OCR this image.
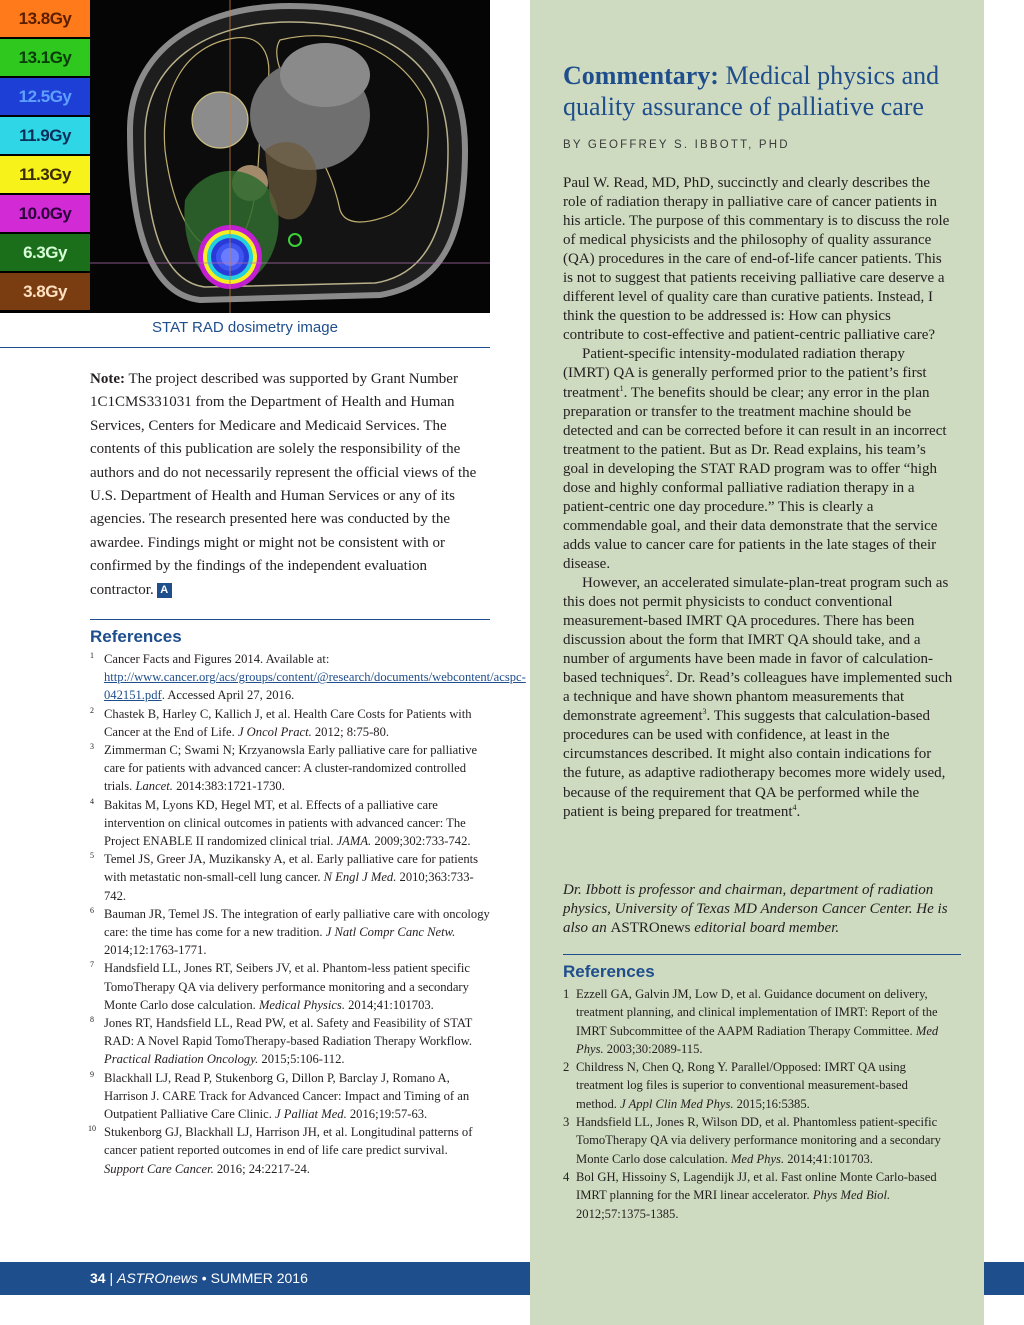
13.8Gy
13.1Gy
12.5Gy
11.9Gy
11.3Gy
10.0Gy
6.3Gy
3.8Gy
STAT RAD dosimetry image
Note: The project described was supported by Grant Number 1C1CMS331031 from the Department of Health and Human Services, Centers for Medicare and Medicaid Services. The contents of this publication are solely the responsibility of the authors and do not necessarily represent the official views of the U.S. Department of Health and Human Services or any of its agencies. The research presented here was conducted by the awardee. Findings might or might not be consistent with or confirmed by the findings of the independent evaluation contractor. A
References
1 Cancer Facts and Figures 2014. Available at: http://www.cancer.org/acs/groups/content/@research/documents/webcontent/acspc-042151.pdf. Accessed April 27, 2016.
2 Chastek B, Harley C, Kallich J, et al. Health Care Costs for Patients with Cancer at the End of Life. J Oncol Pract. 2012; 8:75-80.
3 Zimmerman C; Swami N; Krzyanowsla Early palliative care for palliative care for patients with advanced cancer: A cluster-randomized controlled trials. Lancet. 2014:383:1721-1730.
4 Bakitas M, Lyons KD, Hegel MT, et al. Effects of a palliative care intervention on clinical outcomes in patients with advanced cancer: The Project ENABLE II randomized clinical trial. JAMA. 2009;302:733-742.
5 Temel JS, Greer JA, Muzikansky A, et al. Early palliative care for patients with metastatic non-small-cell lung cancer. N Engl J Med. 2010;363:733-742.
6 Bauman JR, Temel JS. The integration of early palliative care with oncology care: the time has come for a new tradition. J Natl Compr Canc Netw. 2014;12:1763-1771.
7 Handsfield LL, Jones RT, Seibers JV, et al. Phantom-less patient specific TomoTherapy QA via delivery performance monitoring and a secondary Monte Carlo dose calculation. Medical Physics. 2014;41:101703.
8 Jones RT, Handsfield LL, Read PW, et al. Safety and Feasibility of STAT RAD: A Novel Rapid TomoTherapy-based Radiation Therapy Workflow. Practical Radiation Oncology. 2015;5:106-112.
9 Blackhall LJ, Read P, Stukenborg G, Dillon P, Barclay J, Romano A, Harrison J. CARE Track for Advanced Cancer: Impact and Timing of an Outpatient Palliative Care Clinic. J Palliat Med. 2016;19:57-63.
10 Stukenborg GJ, Blackhall LJ, Harrison JH, et al. Longitudinal patterns of cancer patient reported outcomes in end of life care predict survival. Support Care Cancer. 2016; 24:2217-24.
Commentary: Medical physics and quality assurance of palliative care
BY GEOFFREY S. IBBOTT, PHD

Paul W. Read, MD, PhD, succinctly and clearly describes the role of radiation therapy in palliative care of cancer patients in his article. The purpose of this commentary is to discuss the role of medical physicists and the philosophy of quality assurance (QA) procedures in the care of end-of-life cancer patients. This is not to suggest that patients receiving palliative care deserve a different level of quality care than curative patients. Instead, I think the question to be addressed is: How can physics contribute to cost-effective and patient-centric palliative care?

Patient-specific intensity-modulated radiation therapy (IMRT) QA is generally performed prior to the patient’s first treatment$^1$. The benefits should be clear; any error in the plan preparation or transfer to the treatment machine should be detected and can be corrected before it can result in an incorrect treatment to the patient. But as Dr. Read explains, his team’s goal in developing the STAT RAD program was to offer “high dose and highly conformal palliative radiation therapy in a patient-centric one day procedure.” This is clearly a commendable goal, and their data demonstrate that the service adds value to cancer care for patients in the late stages of their disease.

However, an accelerated simulate-plan-treat program such as this does not permit physicists to conduct conventional measurement-based IMRT QA procedures. There has been discussion about the form that IMRT QA should take, and a number of arguments have been made in favor of calculation-based techniques$^2$. Dr. Read’s colleagues have implemented such a technique and have shown phantom measurements that demonstrate agreement$^3$. This suggests that calculation-based procedures can be used with confidence, at least in the circumstances described. It might also contain indications for the future, as adaptive radiotherapy becomes more widely used, because of the requirement that QA be performed while the patient is being prepared for treatment$^4$.

Dr. Ibbott is professor and chairman, department of radiation physics, University of Texas MD Anderson Cancer Center. He is also an ASTROnews editorial board member.
References
1 Ezzell GA, Galvin JM, Low D, et al. Guidance document on delivery, treatment planning, and clinical implementation of IMRT: Report of the IMRT Subcommittee of the AAPM Radiation Therapy Committee. Med Phys. 2003;30:2089-115.
2 Childress N, Chen Q, Rong Y. Parallel/Opposed: IMRT QA using treatment log files is superior to conventional measurement-based method. J Appl Clin Med Phys. 2015;16:5385.
3 Handsfield LL, Jones R, Wilson DD, et al. Phantomless patient-specific TomoTherapy QA via delivery performance monitoring and a secondary Monte Carlo dose calculation. Med Phys. 2014;41:101703.
4 Bol GH, Hissoiny S, Lagendijk JJ, et al. Fast online Monte Carlo-based IMRT planning for the MRI linear accelerator. Phys Med Biol. 2012;57:1375-1385.
34 | ASTROnews • SUMMER 2016
